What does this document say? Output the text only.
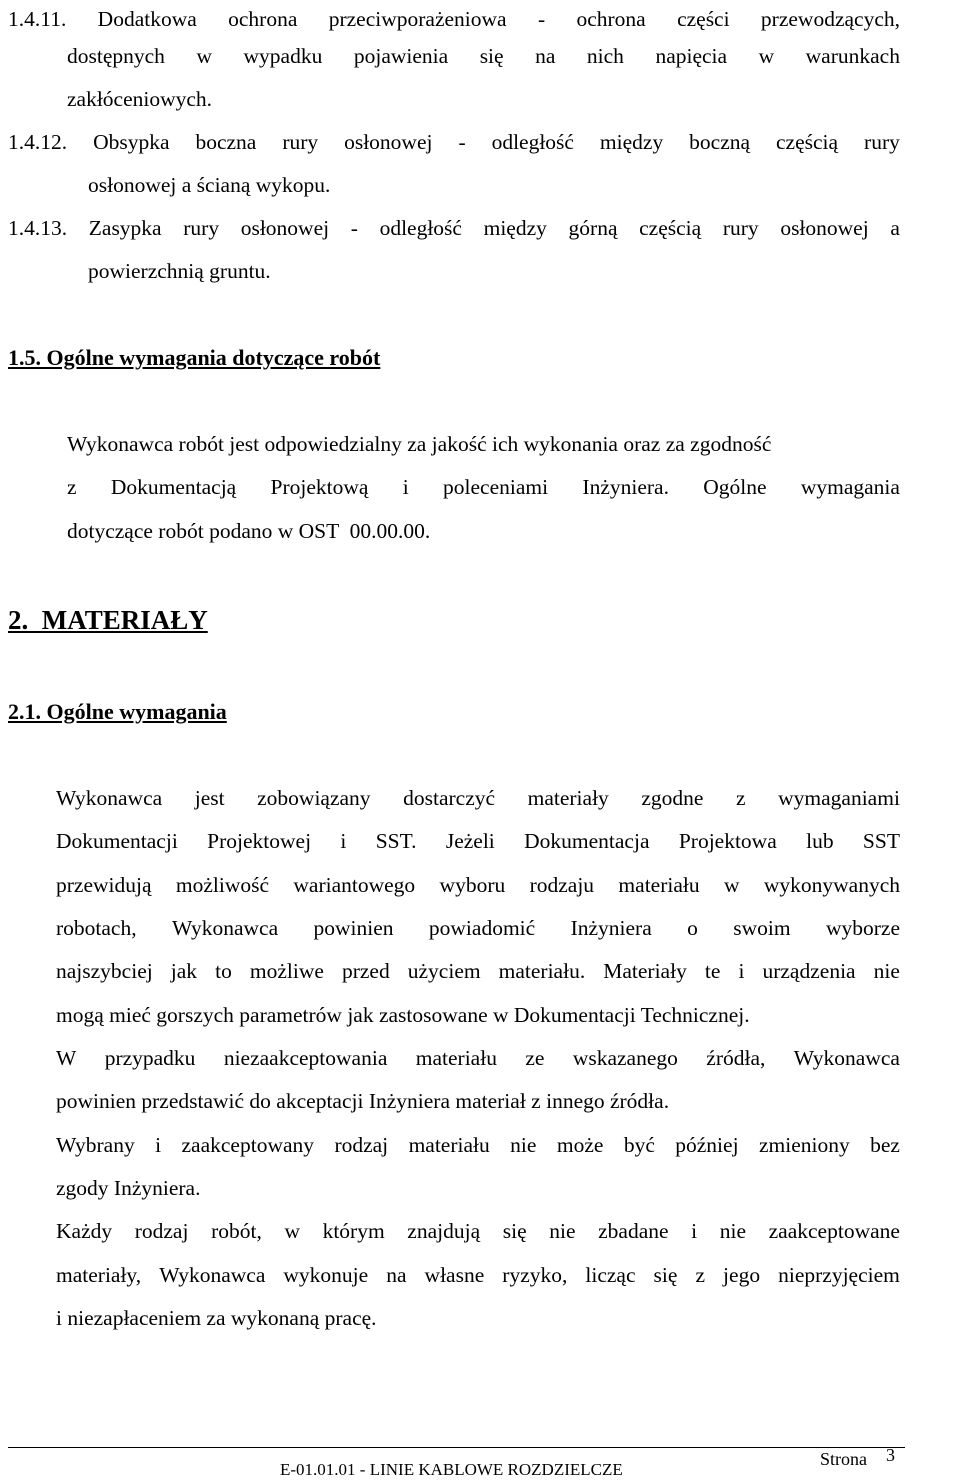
1.4.11. Dodatkowa ochrona przeciwporażeniowa - ochrona części przewodzących,
dostępnych w wypadku pojawienia się na nich napięcia w warunkach
zakłóceniowych.
1.4.12. Obsypka boczna rury osłonowej - odległość między boczną częścią rury
osłonowej a ścianą wykopu.
1.4.13. Zasypka rury osłonowej - odległość między górną częścią rury osłonowej a
powierzchnią gruntu.
1.5. Ogólne wymagania dotyczące robót
Wykonawca robót jest odpowiedzialny za jakość ich wykonania oraz za zgodność
z Dokumentacją Projektową i poleceniami Inżyniera. Ogólne wymagania
dotyczące robót podano w OST  00.00.00.
2.  MATERIAŁY
2.1. Ogólne wymagania
Wykonawca jest zobowiązany dostarczyć materiały zgodne z wymaganiami
Dokumentacji Projektowej i SST. Jeżeli Dokumentacja Projektowa lub SST
przewidują możliwość wariantowego wyboru rodzaju materiału w wykonywanych
robotach, Wykonawca powinien powiadomić Inżyniera o swoim wyborze
najszybciej jak to możliwe przed użyciem materiału. Materiały te i urządzenia nie
mogą mieć gorszych parametrów jak zastosowane w Dokumentacji Technicznej.
W przypadku niezaakceptowania materiału ze wskazanego źródła, Wykonawca
powinien przedstawić do akceptacji Inżyniera materiał z innego źródła.
Wybrany i zaakceptowany rodzaj materiału nie może być później zmieniony bez
zgody Inżyniera.
Każdy rodzaj robót, w którym znajdują się nie zbadane i nie zaakceptowane
materiały, Wykonawca wykonuje na własne ryzyko, licząc się z jego nieprzyjęciem
i niezapłaceniem za wykonaną pracę.
E-01.01.01 - LINIE KABLOWE ROZDZIELCZE
Strona 3
